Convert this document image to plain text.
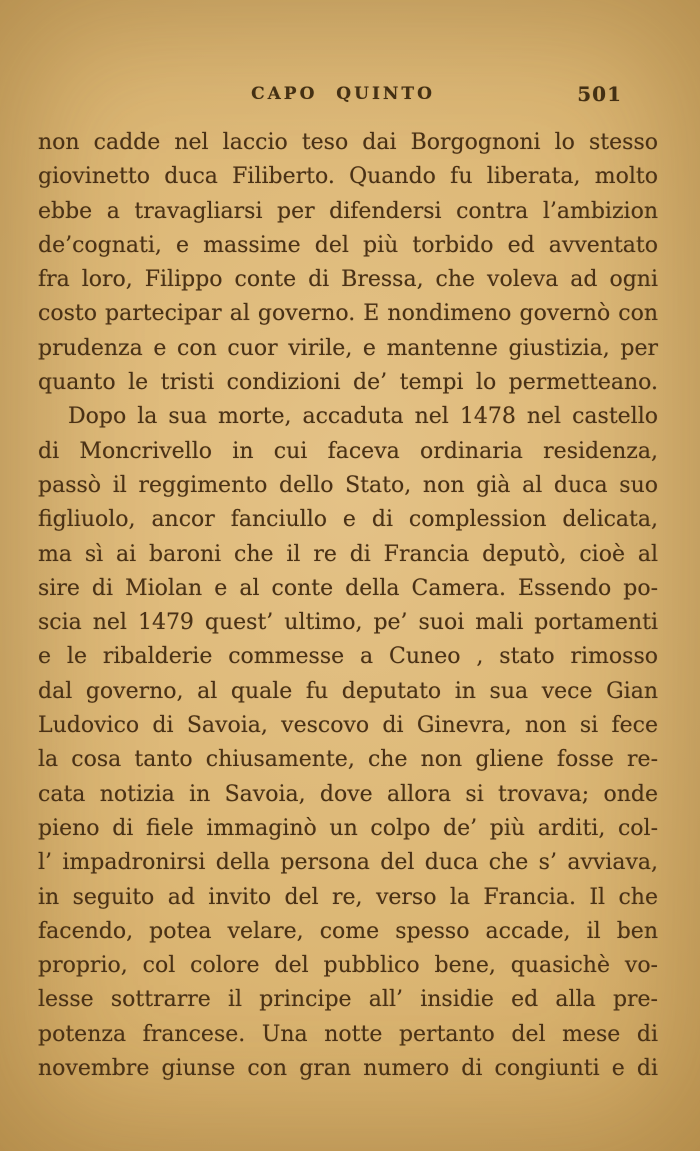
CAPO QUINTO	501
non cadde nel laccio teso dai Borgognoni lo stesso
giovinetto duca Filiberto. Quando fu liberata, molto
ebbe a travagliarsi per difendersi contra l’ambizion
de’cognati, e massime del più torbido ed avventato
fra loro, Filippo conte di Bressa, che voleva ad ogni
costo partecipar al governo. E nondimeno governò con
prudenza e con cuor virile, e mantenne giustizia, per
quanto le tristi condizioni de’ tempi lo permetteano.
Dopo la sua morte, accaduta nel 1478 nel castello
di Moncrivello in cui faceva ordinaria residenza,
passò il reggimento dello Stato, non già al duca suo
figliuolo, ancor fanciullo e di complession delicata,
ma sì ai baroni che il re di Francia deputò, cioè al
sire di Miolan e al conte della Camera. Essendo po-
scia nel 1479 quest’ ultimo, pe’ suoi mali portamenti
e le ribalderie commesse a Cuneo , stato rimosso
dal governo, al quale fu deputato in sua vece Gian
Ludovico di Savoia, vescovo di Ginevra, non si fece
la cosa tanto chiusamente, che non gliene fosse re-
cata notizia in Savoia, dove allora si trovava; onde
pieno di fiele immaginò un colpo de’ più arditi, col-
l’ impadronirsi della persona del duca che s’ avviava,
in seguito ad invito del re, verso la Francia. Il che
facendo, potea velare, come spesso accade, il ben
proprio, col colore del pubblico bene, quasichè vo-
lesse sottrarre il principe all’ insidie ed alla pre-
potenza francese. Una notte pertanto del mese di
novembre giunse con gran numero di congiunti e di
